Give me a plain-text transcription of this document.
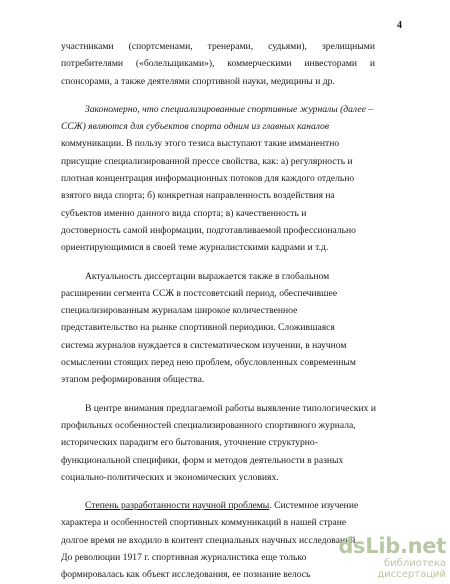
4
участниками (спортсменами, тренерами, судьями), зрелищными
потребителями («болельщиками»), коммерческими инвесторами и
спонсорами, а также деятелями спортивной науки, медицины и др.
Закономерно, что специализированные спортивные журналы (далее –
ССЖ) являются для субъектов спорта одним из главных каналов
коммуникации. В пользу этого тезиса выступают такие имманентно
присущие специализированной прессе свойства, как: а) регулярность и
плотная концентрация информационных потоков для каждого отдельно
взятого вида спорта; б) конкретная направленность воздействия на
субъектов именно данного вида спорта; в) качественность и
достоверность самой информации, подготавливаемой профессионально
ориентирующимися в своей теме журналистскими кадрами и т.д.
Актуальность диссертации выражается также в глобальном
расширении сегмента ССЖ в постсоветский период, обеспечившее
специализированным журналам широкое количественное
представительство на рынке спортивной периодики. Сложившаяся
система журналов нуждается в систематическом изучении, в научном
осмыслении стоящих перед нею проблем, обусловленных современным
этапом реформирования общества.
В центре внимания предлагаемой работы выявление типологических и
профильных особенностей специализированного спортивного журнала,
исторических парадигм его бытования, уточнение структурно-
функциональной специфики, форм и методов деятельности в разных
социально-политических и экономических условиях.
Степень разработанности научной проблемы . Системное изучение
характера и особенностей спортивных коммуникаций в нашей стране
долгое время не входило в контент специальных научных исследований.
До революции 1917 г. спортивная журналистика еще только
формировалась как объект исследования, ее познание велось
dsLib.net
библиотека диссертаций
